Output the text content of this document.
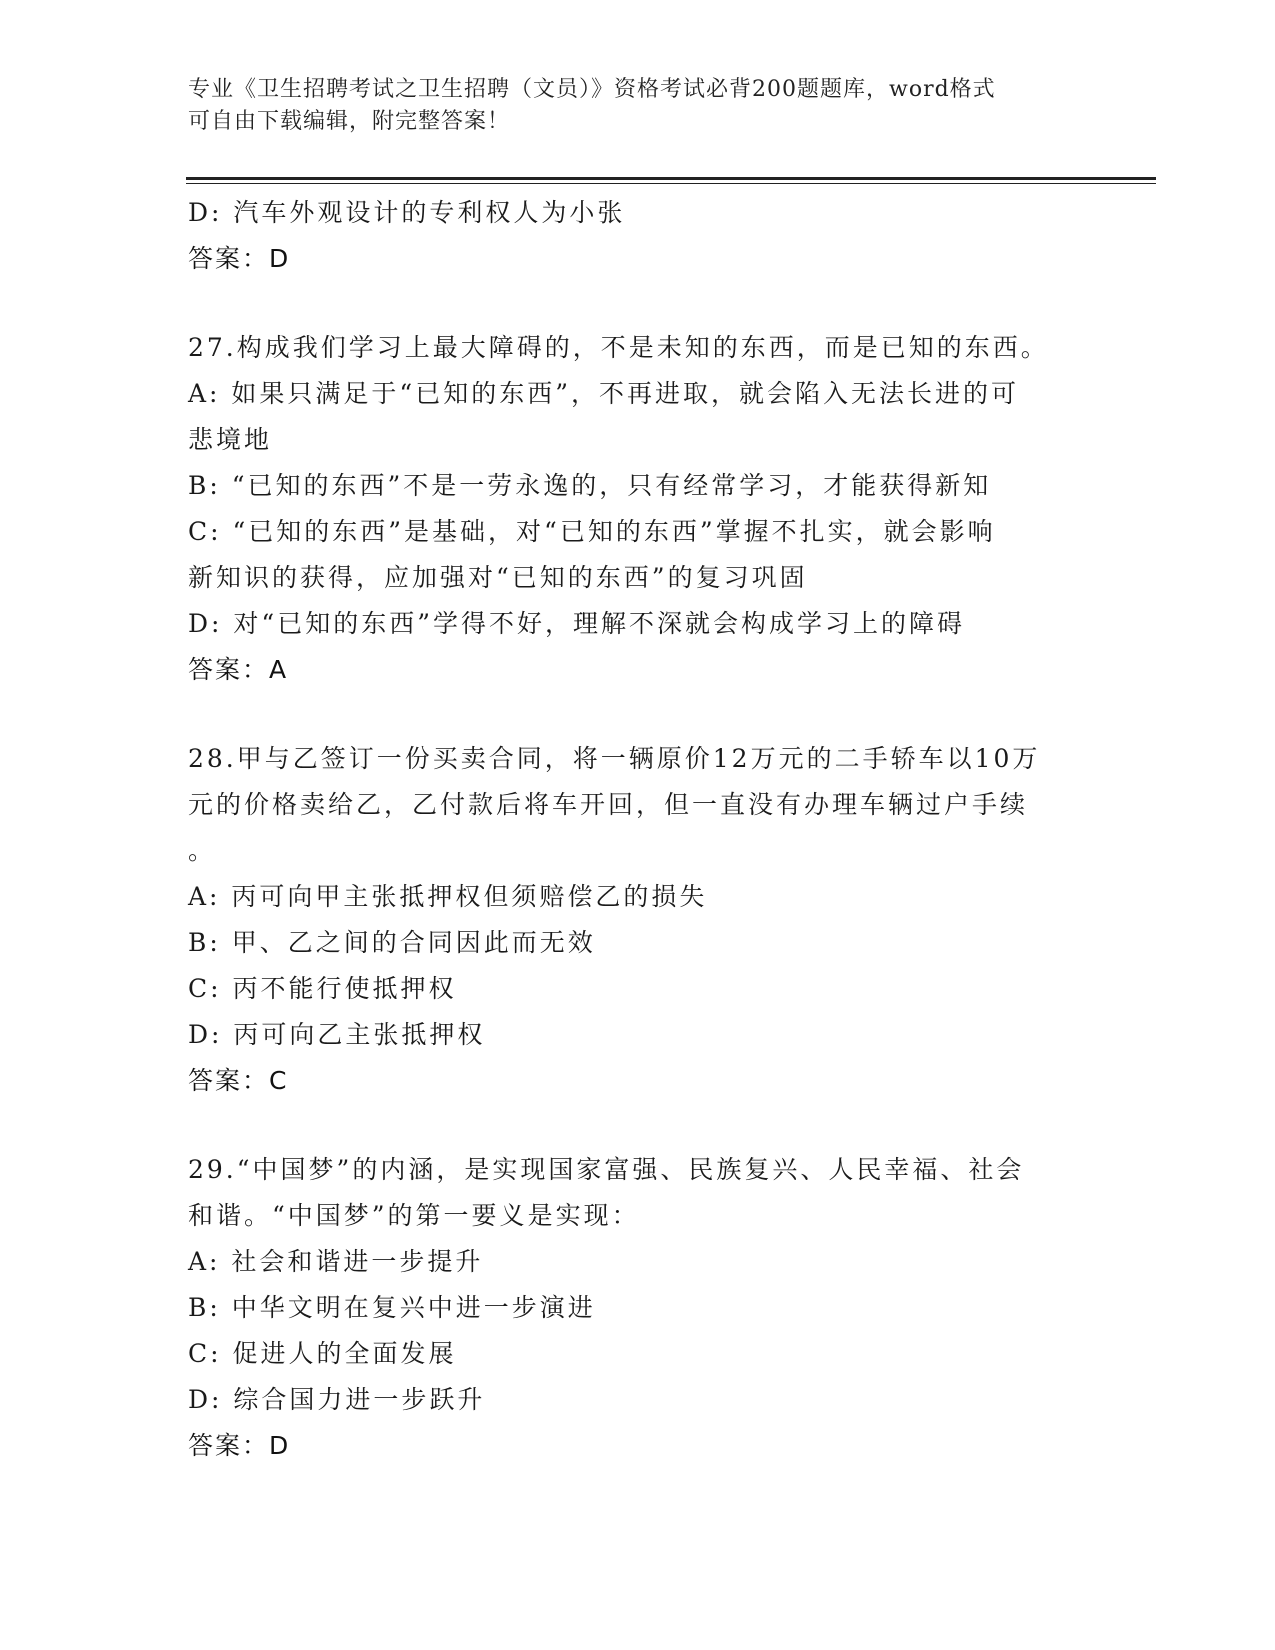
专业《卫生招聘考试之卫生招聘（文员）》资格考试必背200题题库，word格式
可自由下载编辑，附完整答案！
D: 汽车外观设计的专利权人为小张
答案：D
27.构成我们学习上最大障碍的，不是未知的东西，而是已知的东西。
A: 如果只满足于“已知的东西”，不再进取，就会陷入无法长进的可
悲境地
B: “已知的东西”不是一劳永逸的，只有经常学习，才能获得新知
C: “已知的东西”是基础，对“已知的东西”掌握不扎实，就会影响
新知识的获得，应加强对“已知的东西”的复习巩固
D: 对“已知的东西”学得不好，理解不深就会构成学习上的障碍
答案：A
28.甲与乙签订一份买卖合同，将一辆原价12万元的二手轿车以10万
元的价格卖给乙，乙付款后将车开回，但一直没有办理车辆过户手续
。
A: 丙可向甲主张抵押权但须赔偿乙的损失
B: 甲、乙之间的合同因此而无效
C: 丙不能行使抵押权
D: 丙可向乙主张抵押权
答案：C
29.“中国梦”的内涵，是实现国家富强、民族复兴、人民幸福、社会
和谐。“中国梦”的第一要义是实现：
A: 社会和谐进一步提升
B: 中华文明在复兴中进一步演进
C: 促进人的全面发展
D: 综合国力进一步跃升
答案：D
